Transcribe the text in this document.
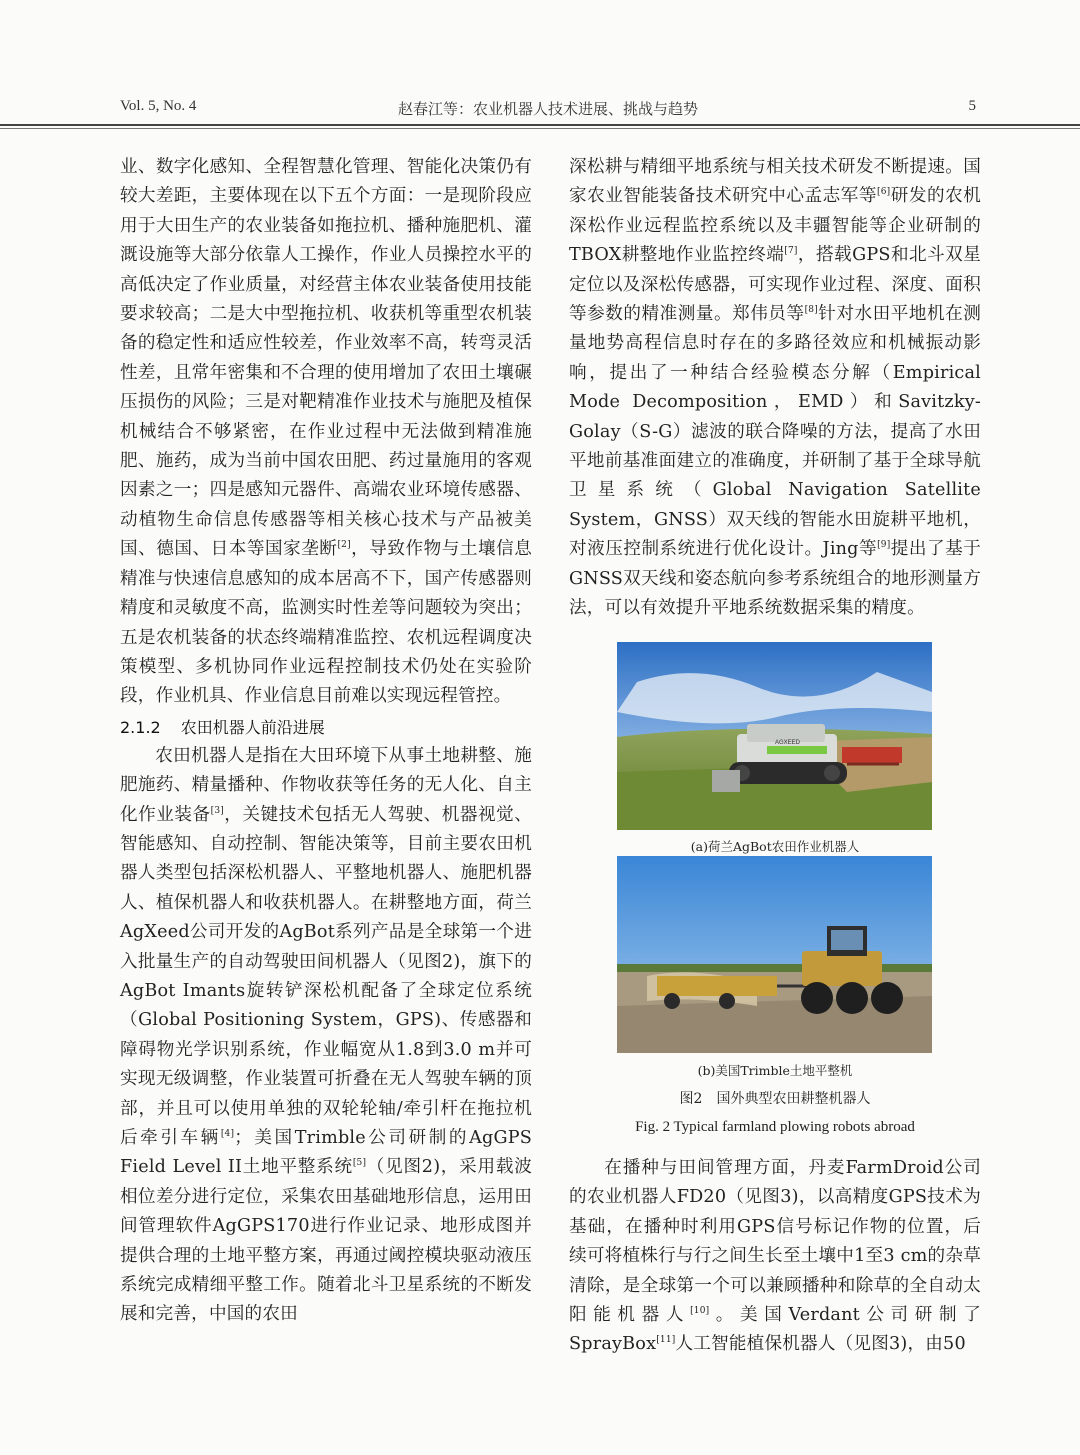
Vol. 5, No. 4	赵春江等：农业机器人技术进展、挑战与趋势	5

业、数字化感知、全程智慧化管理、智能化决策仍有较大差距，主要体现在以下五个方面：一是现阶段应用于大田生产的农业装备如拖拉机、播种施肥机、灌溉设施等大部分依靠人工操作，作业人员操控水平的高低决定了作业质量，对经营主体农业装备使用技能要求较高；二是大中型拖拉机、收获机等重型农机装备的稳定性和适应性较差，作业效率不高，转弯灵活性差，且常年密集和不合理的使用增加了农田土壤碾压损伤的风险；三是对靶精准作业技术与施肥及植保机械结合不够紧密，在作业过程中无法做到精准施肥、施药，成为当前中国农田肥、药过量施用的客观因素之一；四是感知元器件、高端农业环境传感器、动植物生命信息传感器等相关核心技术与产品被美国、德国、日本等国家垄断[2]，导致作物与土壤信息精准与快速信息感知的成本居高不下，国产传感器则精度和灵敏度不高，监测实时性差等问题较为突出；五是农机装备的状态终端精准监控、农机远程调度决策模型、多机协同作业远程控制技术仍处在实验阶段，作业机具、作业信息目前难以实现远程管控。

2.1.2 农田机器人前沿进展

农田机器人是指在大田环境下从事土地耕整、施肥施药、精量播种、作物收获等任务的无人化、自主化作业装备[3]，关键技术包括无人驾驶、机器视觉、智能感知、自动控制、智能决策等，目前主要农田机器人类型包括深松机器人、平整地机器人、施肥机器人、植保机器人和收获机器人。在耕整地方面，荷兰AgXeed公司开发的AgBot系列产品是全球第一个进入批量生产的自动驾驶田间机器人（见图2)，旗下的AgBot Imants旋转铲深松机配备了全球定位系统（Global Positioning System，GPS)、传感器和障碍物光学识别系统，作业幅宽从1.8到3.0 m并可实现无级调整，作业装置可折叠在无人驾驶车辆的顶部，并且可以使用单独的双轮轮轴/牵引杆在拖拉机后牵引车辆[4]；美国Trimble公司研制的AgGPS Field Level II土地平整系统[5]（见图2)，采用载波相位差分进行定位，采集农田基础地形信息，运用田间管理软件AgGPS170进行作业记录、地形成图并提供合理的土地平整方案，再通过阈控模块驱动液压系统完成精细平整工作。随着北斗卫星系统的不断发展和完善，中国的农田

深松耕与精细平地系统与相关技术研发不断提速。国家农业智能装备技术研究中心孟志军等[6]研发的农机深松作业远程监控系统以及丰疆智能等企业研制的TBOX耕整地作业监控终端[7]，搭载GPS和北斗双星定位以及深松传感器，可实现作业过程、深度、面积等参数的精准测量。郑伟员等[8]针对水田平地机在测量地势高程信息时存在的多路径效应和机械振动影响，提出了一种结合经验模态分解（Empirical Mode Decomposition，EMD）和Savitzky-Golay（S-G）滤波的联合降噪的方法，提高了水田平地前基准面建立的准确度，并研制了基于全球导航卫星系统（Global Navigation Satellite System，GNSS）双天线的智能水田旋耕平地机，对液压控制系统进行优化设计。Jing等[9]提出了基于GNSS双天线和姿态航向参考系统组合的地形测量方法，可以有效提升平地系统数据采集的精度。

AGXEED
(a)荷兰AgBot农田作业机器人
(b)美国Trimble土地平整机
图2　国外典型农田耕整机器人
Fig. 2 Typical farmland plowing robots abroad

在播种与田间管理方面，丹麦FarmDroid公司的农业机器人FD20（见图3)，以高精度GPS技术为基础，在播种时利用GPS信号标记作物的位置，后续可将植株行与行之间生长至土壤中1至3 cm的杂草清除，是全球第一个可以兼顾播种和除草的全自动太阳能机器人[10]。美国Verdant公司研制了SprayBox[11]人工智能植保机器人（见图3)，由50
